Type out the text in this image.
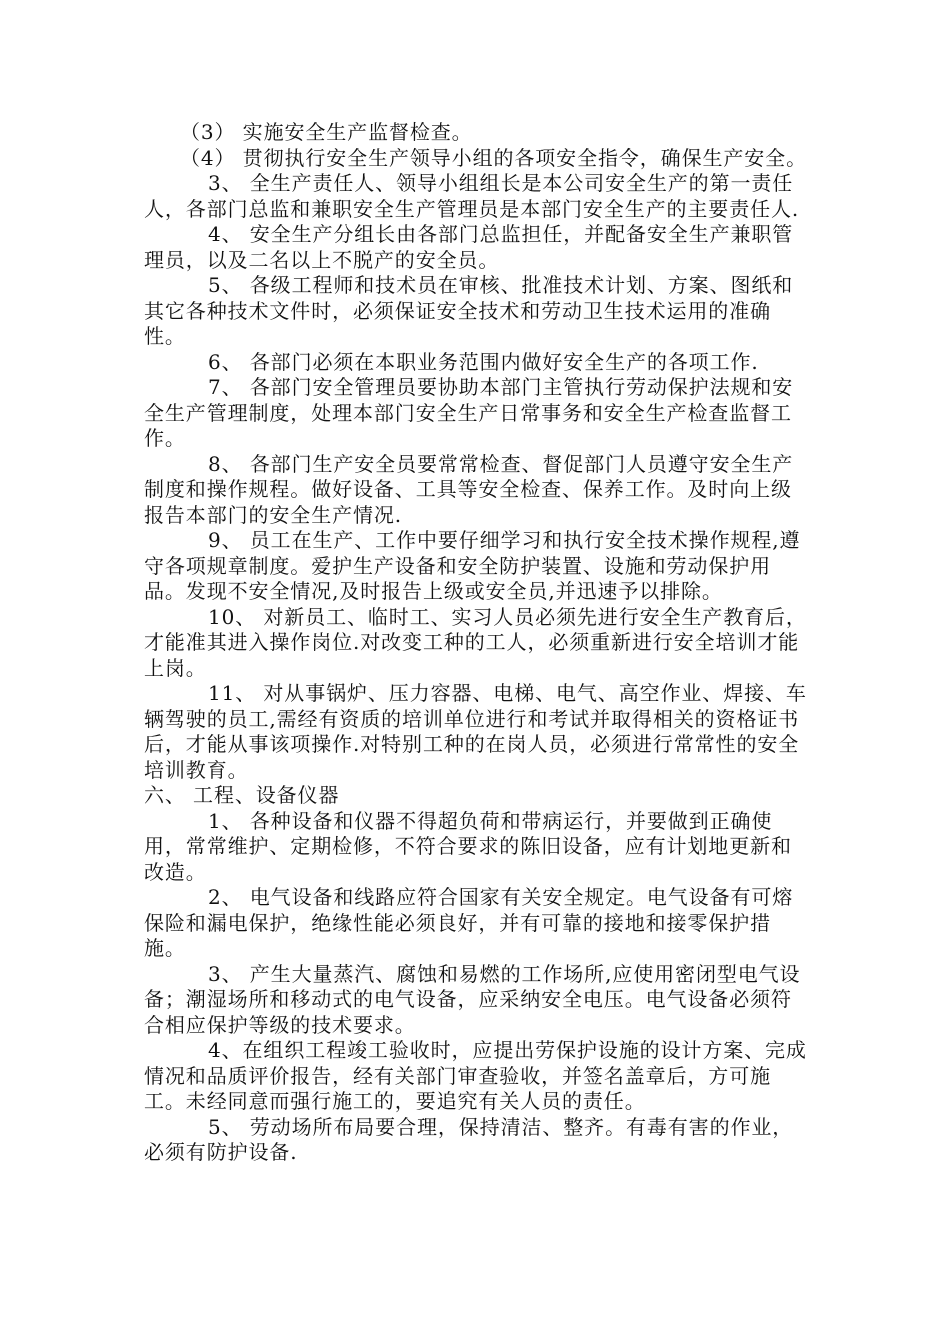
（3） 实施安全生产监督检查。

（4） 贯彻执行安全生产领导小组的各项安全指令，确保生产安全。

3、 全生产责任人、领导小组组长是本公司安全生产的第一责任人，各部门总监和兼职安全生产管理员是本部门安全生产的主要责任人.

4、 安全生产分组长由各部门总监担任，并配备安全生产兼职管理员，以及二名以上不脱产的安全员。

5、 各级工程师和技术员在审核、批准技术计划、方案、图纸和其它各种技术文件时，必须保证安全技术和劳动卫生技术运用的准确性。

6、 各部门必须在本职业务范围内做好安全生产的各项工作.

7、 各部门安全管理员要协助本部门主管执行劳动保护法规和安全生产管理制度，处理本部门安全生产日常事务和安全生产检查监督工作。

8、 各部门生产安全员要常常检查、督促部门人员遵守安全生产制度和操作规程。做好设备、工具等安全检查、保养工作。及时向上级报告本部门的安全生产情况.

9、 员工在生产、工作中要仔细学习和执行安全技术操作规程,遵守各项规章制度。爱护生产设备和安全防护装置、设施和劳动保护用品。发现不安全情况,及时报告上级或安全员,并迅速予以排除。

10、 对新员工、临时工、实习人员必须先进行安全生产教育后，才能准其进入操作岗位.对改变工种的工人，必须重新进行安全培训才能上岗。

11、 对从事锅炉、压力容器、电梯、电气、高空作业、焊接、车辆驾驶的员工,需经有资质的培训单位进行和考试并取得相关的资格证书后，才能从事该项操作.对特别工种的在岗人员，必须进行常常性的安全培训教育。

六、 工程、设备仪器

1、 各种设备和仪器不得超负荷和带病运行，并要做到正确使用，常常维护、定期检修，不符合要求的陈旧设备，应有计划地更新和改造。

2、 电气设备和线路应符合国家有关安全规定。电气设备有可熔保险和漏电保护，绝缘性能必须良好，并有可靠的接地和接零保护措施。

3、 产生大量蒸汽、腐蚀和易燃的工作场所,应使用密闭型电气设备；潮湿场所和移动式的电气设备，应采纳安全电压。电气设备必须符合相应保护等级的技术要求。

4、在组织工程竣工验收时，应提出劳保护设施的设计方案、完成情况和品质评价报告，经有关部门审查验收，并签名盖章后，方可施工。未经同意而强行施工的，要追究有关人员的责任。

5、 劳动场所布局要合理，保持清洁、整齐。有毒有害的作业，必须有防护设备.
